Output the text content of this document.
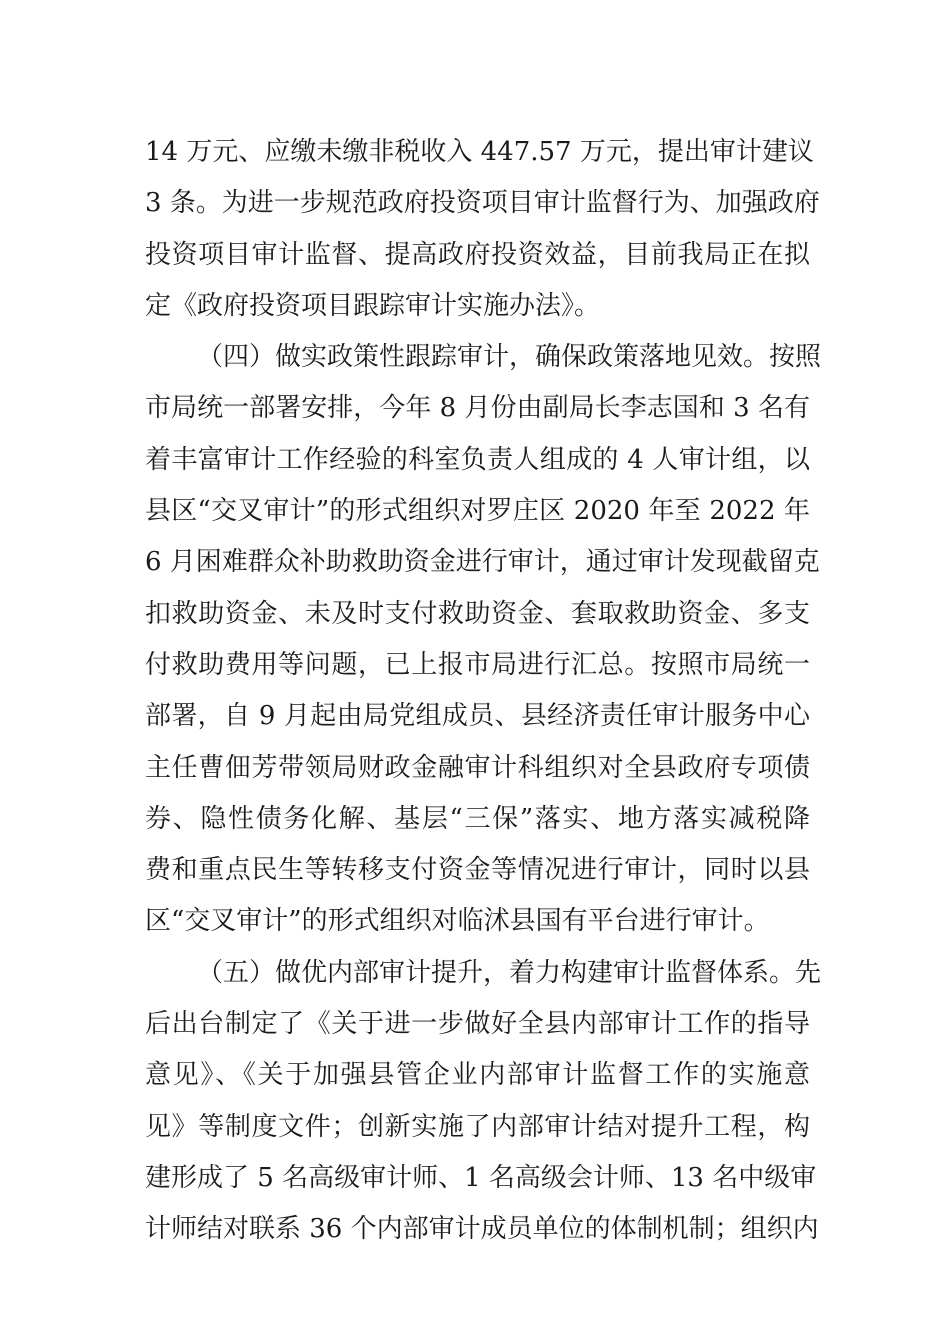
14 万元、应缴未缴非税收入 447.57 万元，提出审计建议
3 条。为进一步规范政府投资项目审计监督行为、加强政府
投资项目审计监督、提高政府投资效益，目前我局正在拟
定《政府投资项目跟踪审计实施办法》。
（四）做实政策性跟踪审计，确保政策落地见效。按照
市局统一部署安排，今年 8 月份由副局长李志国和 3 名有
着丰富审计工作经验的科室负责人组成的 4 人审计组，以
县区“交叉审计”的形式组织对罗庄区 2020 年至 2022 年
6 月困难群众补助救助资金进行审计，通过审计发现截留克
扣救助资金、未及时支付救助资金、套取救助资金、多支
付救助费用等问题，已上报市局进行汇总。按照市局统一
部署，自 9 月起由局党组成员、县经济责任审计服务中心
主任曹佃芳带领局财政金融审计科组织对全县政府专项债
券、隐性债务化解、基层“三保”落实、地方落实减税降
费和重点民生等转移支付资金等情况进行审计，同时以县
区“交叉审计”的形式组织对临沭县国有平台进行审计。
（五）做优内部审计提升，着力构建审计监督体系。先
后出台制定了《关于进一步做好全县内部审计工作的指导
意见》、《关于加强县管企业内部审计监督工作的实施意
见》等制度文件；创新实施了内部审计结对提升工程，构
建形成了 5 名高级审计师、1 名高级会计师、13 名中级审
计师结对联系 36 个内部审计成员单位的体制机制；组织内
